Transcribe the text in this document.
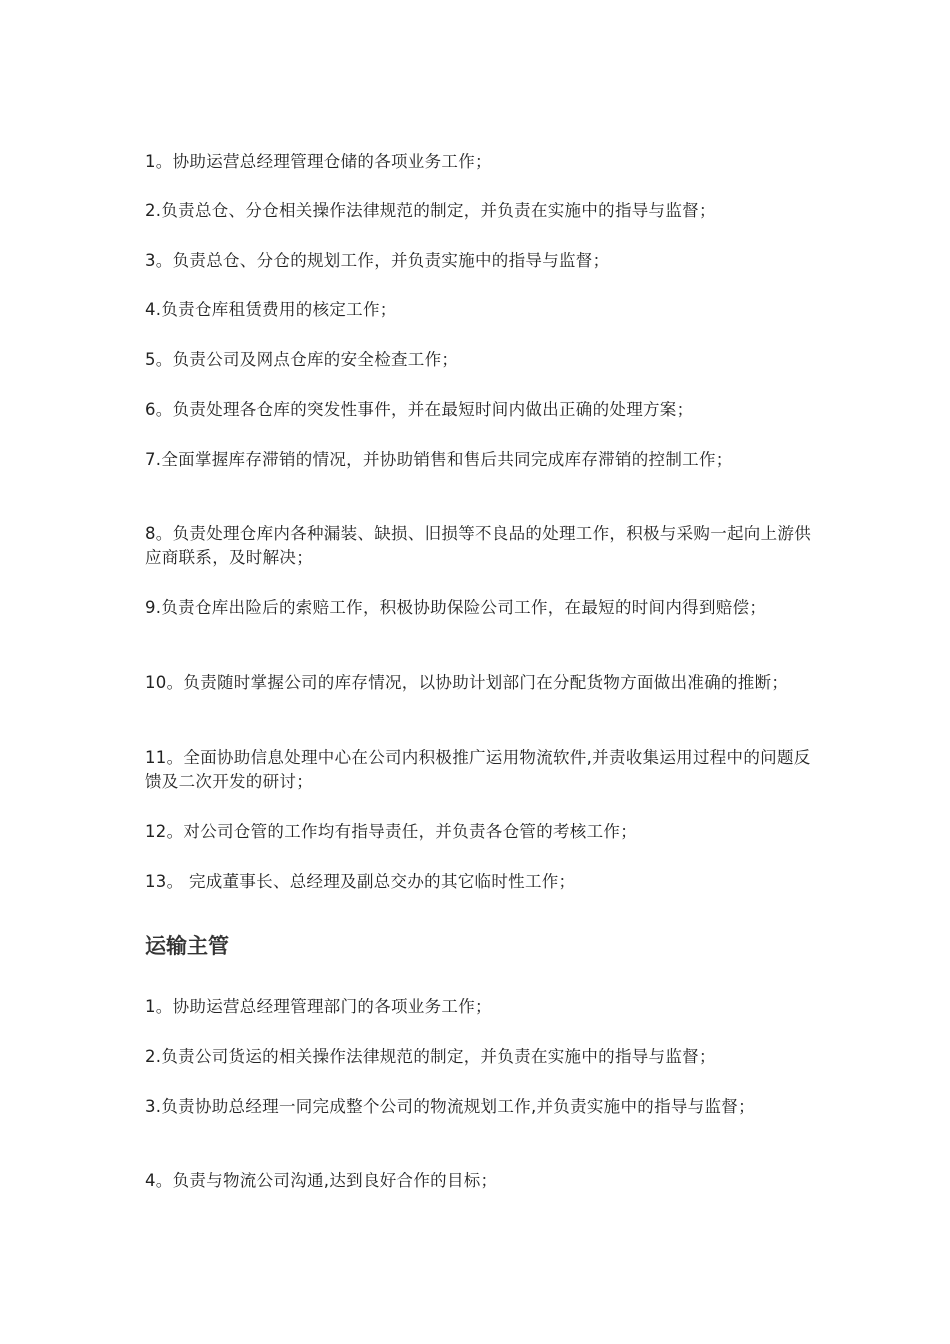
1。协助运营总经理管理仓储的各项业务工作；

2.负责总仓、分仓相关操作法律规范的制定，并负责在实施中的指导与监督；

3。负责总仓、分仓的规划工作，并负责实施中的指导与监督；

4.负责仓库租赁费用的核定工作；

5。负责公司及网点仓库的安全检查工作；

6。负责处理各仓库的突发性事件，并在最短时间内做出正确的处理方案；

7.全面掌握库存滞销的情况，并协助销售和售后共同完成库存滞销的控制工作；

8。负责处理仓库内各种漏装、缺损、旧损等不良品的处理工作，积极与采购一起向上游供应商联系，及时解决；

9.负责仓库出险后的索赔工作，积极协助保险公司工作，在最短的时间内得到赔偿；

10。负责随时掌握公司的库存情况，以协助计划部门在分配货物方面做出准确的推断；

11。全面协助信息处理中心在公司内积极推广运用物流软件,并责收集运用过程中的问题反馈及二次开发的研讨；

12。对公司仓管的工作均有指导责任，并负责各仓管的考核工作；

13。 完成董事长、总经理及副总交办的其它临时性工作；

运输主管

1。协助运营总经理管理部门的各项业务工作；

2.负责公司货运的相关操作法律规范的制定，并负责在实施中的指导与监督；

3.负责协助总经理一同完成整个公司的物流规划工作,并负责实施中的指导与监督；

4。负责与物流公司沟通,达到良好合作的目标；
